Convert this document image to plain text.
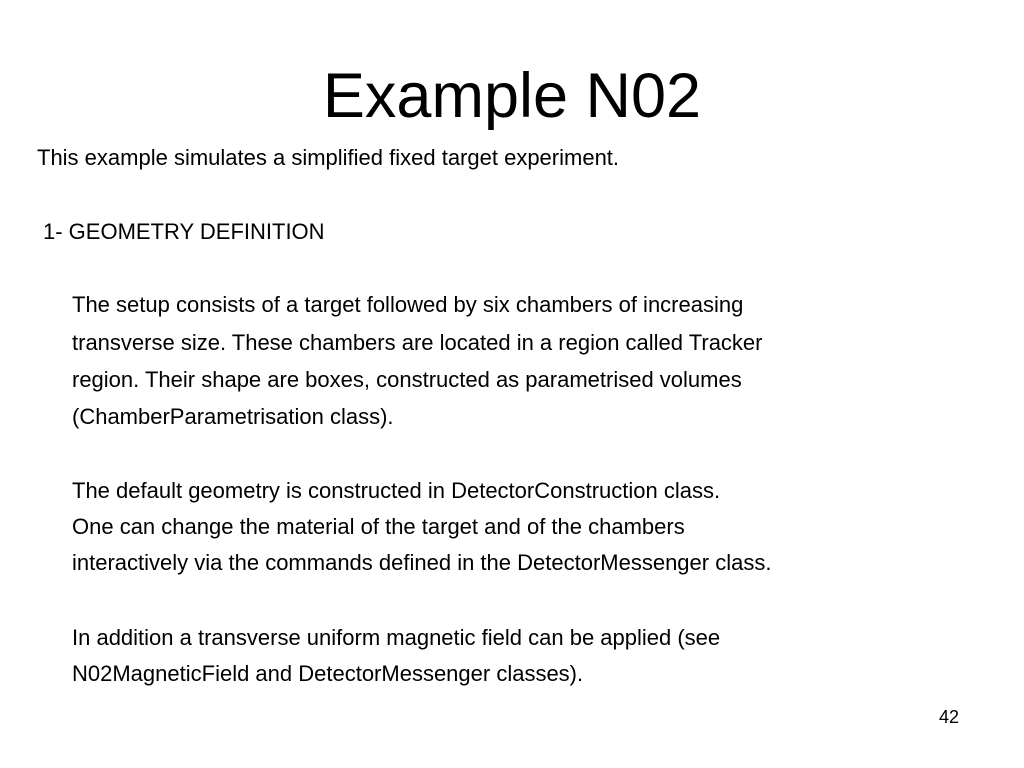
Example N02

This example simulates a simplified fixed target experiment.

1- GEOMETRY DEFINITION

The setup consists of a target followed by six chambers of increasing

transverse size. These chambers are located in a region called Tracker

region. Their shape are boxes, constructed as parametrised volumes

(ChamberParametrisation class).

The default geometry is constructed in DetectorConstruction class.

One can change the material of the target and of the chambers

interactively via the commands defined in the DetectorMessenger class.

In addition a transverse uniform magnetic field can be applied (see

N02MagneticField and DetectorMessenger classes).

42
